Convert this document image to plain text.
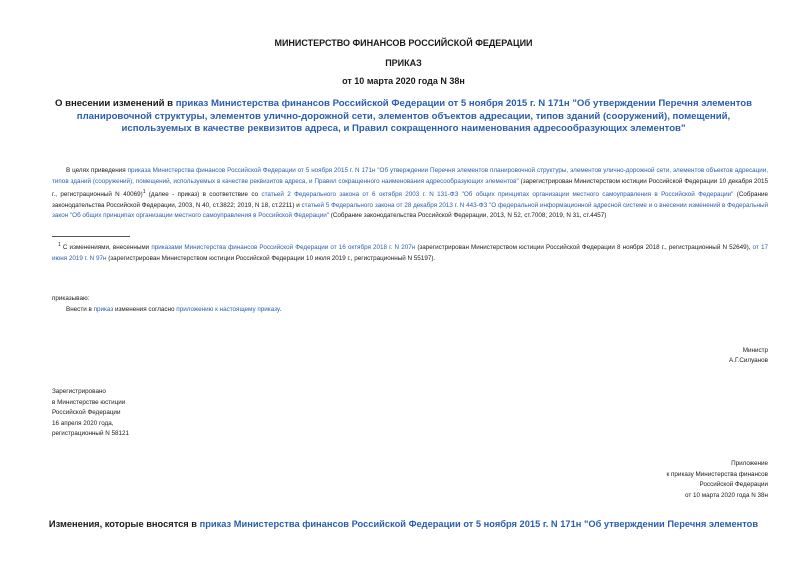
МИНИСТЕРСТВО ФИНАНСОВ РОССИЙСКОЙ ФЕДЕРАЦИИ
ПРИКАЗ
от 10 марта 2020 года N 38н
О внесении изменений в приказ Министерства финансов Российской Федерации от 5 ноября 2015 г. N 171н "Об утверждении Перечня элементов планировочной структуры, элементов улично-дорожной сети, элементов объектов адресации, типов зданий (сооружений), помещений, используемых в качестве реквизитов адреса, и Правил сокращенного наименования адресообразующих элементов"
В целях приведения приказа Министерства финансов Российской Федерации от 5 ноября 2015 г. N 171н "Об утверждении Перечня элементов планировочной структуры, элементов улично-дорожной сети, элементов объектов адресации, типов зданий (сооружений), помещений, используемых в качестве реквизитов адреса, и Правил сокращенного наименования адресообразующих элементов" (зарегистрирован Министерством юстиции Российской Федерации 10 декабря 2015 г., регистрационный N 40069)$^1$ (далее - приказ) в соответствие со статьей 2 Федерального закона от 6 октября 2003 г. N 131-ФЗ "Об общих принципах организации местного самоуправления в Российской Федерации" (Собрание законодательства Российской Федерации, 2003, N 40, ст.3822; 2019, N 18, ст.2211) и статьей 5 Федерального закона от 28 декабря 2013 г. N 443-ФЗ "О федеральной информационной адресной системе и о внесении изменений в Федеральный закон "Об общих принципах организации местного самоуправления в Российской Федерации" (Собрание законодательства Российской Федерации, 2013, N 52, ст.7008; 2019, N 31, ст.4457)
$^1$ С изменениями, внесенными приказами Министерства финансов Российской Федерации от 16 октября 2018 г. N 207н (зарегистрирован Министерством юстиции Российской Федерации 8 ноября 2018 г., регистрационный N 52649), от 17 июня 2019 г. N 97н (зарегистрирован Министерством юстиции Российской Федерации 10 июля 2019 г., регистрационный N 55197).
приказываю:
Внести в приказ изменения согласно приложению к настоящему приказу.
Министр
А.Г.Силуанов
Зарегистрировано
в Министерстве юстиции
Российской Федерации
16 апреля 2020 года,
регистрационный N 58121
Приложение
к приказу Министерства финансов
Российской Федерации
от 10 марта 2020 года N 38н
Изменения, которые вносятся в приказ Министерства финансов Российской Федерации от 5 ноября 2015 г. N 171н "Об утверждении Перечня элементов
